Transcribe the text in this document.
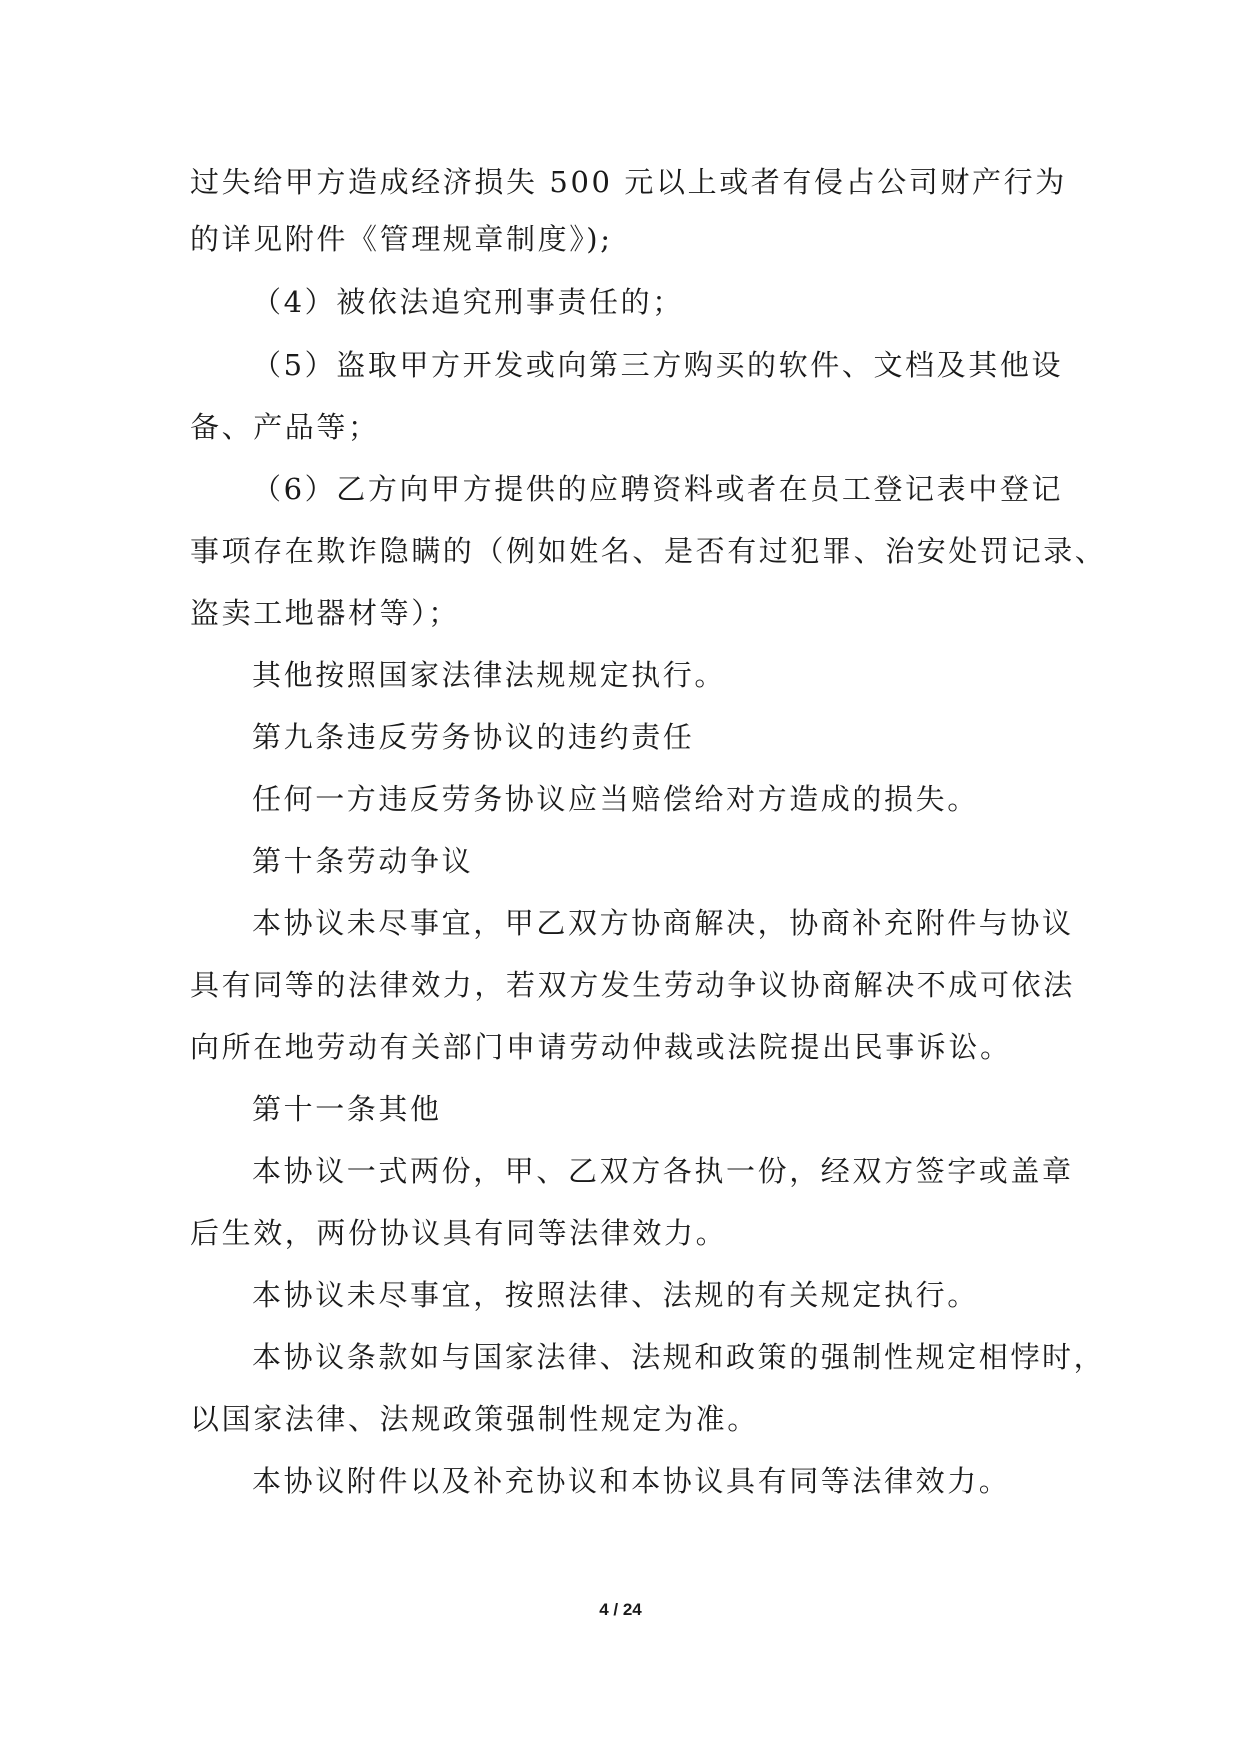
过失给甲方造成经济损失 500 元以上或者有侵占公司财产行为
的详见附件《管理规章制度》);
（4）被依法追究刑事责任的；
（5）盗取甲方开发或向第三方购买的软件、文档及其他设
备、产品等；
（6）乙方向甲方提供的应聘资料或者在员工登记表中登记
事项存在欺诈隐瞒的（例如姓名、是否有过犯罪、治安处罚记录、
盗卖工地器材等）；
其他按照国家法律法规规定执行。
第九条违反劳务协议的违约责任
任何一方违反劳务协议应当赔偿给对方造成的损失。
第十条劳动争议
本协议未尽事宜，甲乙双方协商解决，协商补充附件与协议
具有同等的法律效力，若双方发生劳动争议协商解决不成可依法
向所在地劳动有关部门申请劳动仲裁或法院提出民事诉讼。
第十一条其他
本协议一式两份，甲、乙双方各执一份，经双方签字或盖章
后生效，两份协议具有同等法律效力。
本协议未尽事宜，按照法律、法规的有关规定执行。
本协议条款如与国家法律、法规和政策的强制性规定相悖时，
以国家法律、法规政策强制性规定为准。
本协议附件以及补充协议和本协议具有同等法律效力。
4 / 24
